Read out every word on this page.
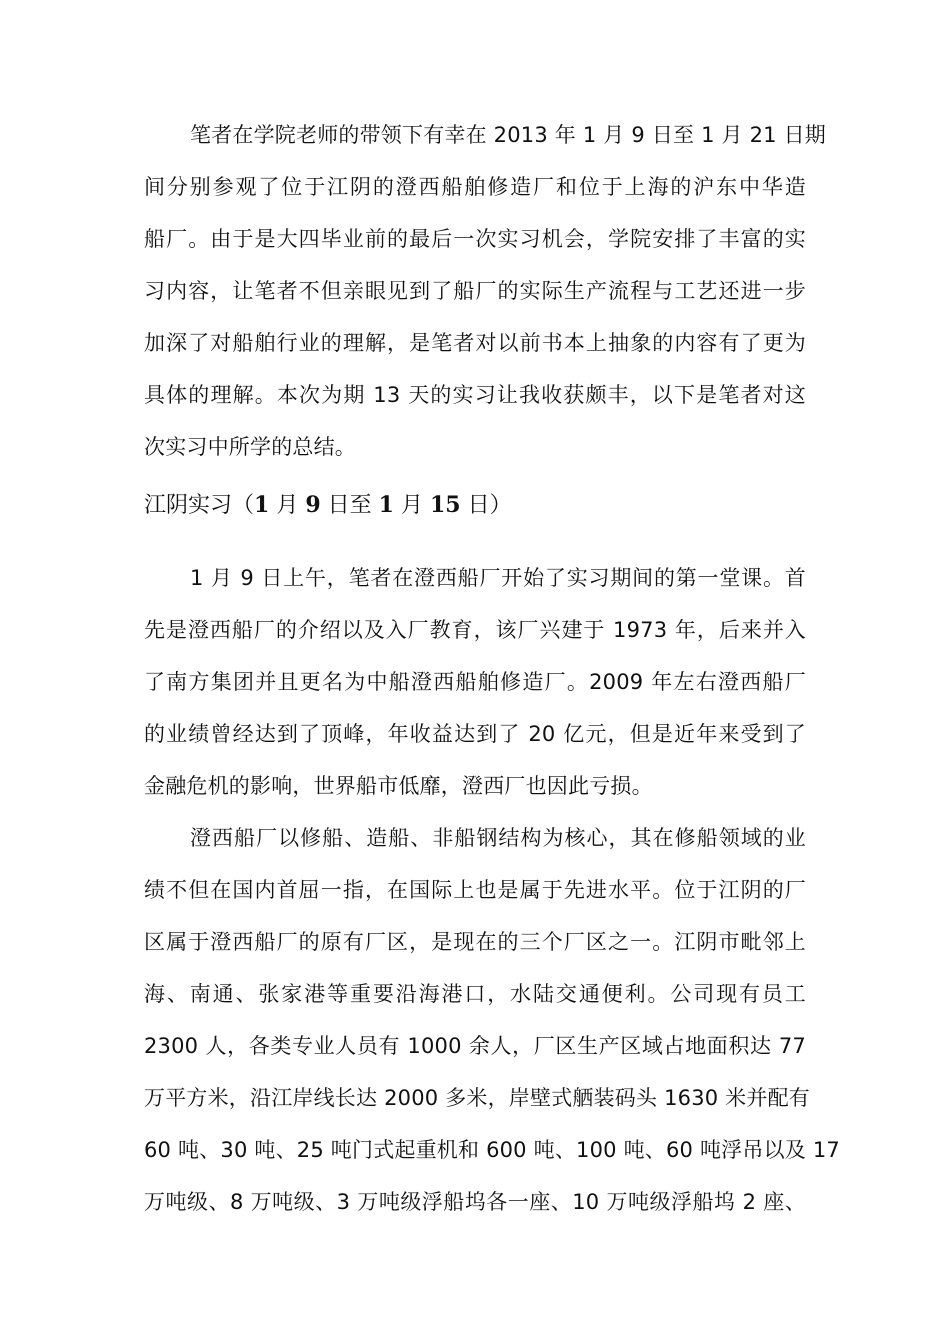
笔者在学院老师的带领下有幸在 2013 年 1 月 9 日至 1 月 21 日期
间分别参观了位于江阴的澄西船舶修造厂和位于上海的沪东中华造
船厂。由于是大四毕业前的最后一次实习机会，学院安排了丰富的实
习内容，让笔者不但亲眼见到了船厂的实际生产流程与工艺还进一步
加深了对船舶行业的理解，是笔者对以前书本上抽象的内容有了更为
具体的理解。本次为期 13 天的实习让我收获颇丰，以下是笔者对这
次实习中所学的总结。
江阴实习（1 月 9 日至 1 月 15 日）
1 月 9 日上午，笔者在澄西船厂开始了实习期间的第一堂课。首
先是澄西船厂的介绍以及入厂教育，该厂兴建于 1973 年，后来并入
了南方集团并且更名为中船澄西船舶修造厂。2009 年左右澄西船厂
的业绩曾经达到了顶峰，年收益达到了 20 亿元，但是近年来受到了
金融危机的影响，世界船市低靡，澄西厂也因此亏损。
澄西船厂以修船、造船、非船钢结构为核心，其在修船领域的业
绩不但在国内首屈一指，在国际上也是属于先进水平。位于江阴的厂
区属于澄西船厂的原有厂区，是现在的三个厂区之一。江阴市毗邻上
海、南通、张家港等重要沿海港口，水陆交通便利。公司现有员工
2300 人，各类专业人员有 1000 余人，厂区生产区域占地面积达 77
万平方米，沿江岸线长达 2000 多米，岸壁式舾装码头 1630 米并配有
60 吨、30 吨、25 吨门式起重机和 600 吨、100 吨、60 吨浮吊以及 17
万吨级、8 万吨级、3 万吨级浮船坞各一座、10 万吨级浮船坞 2 座、
